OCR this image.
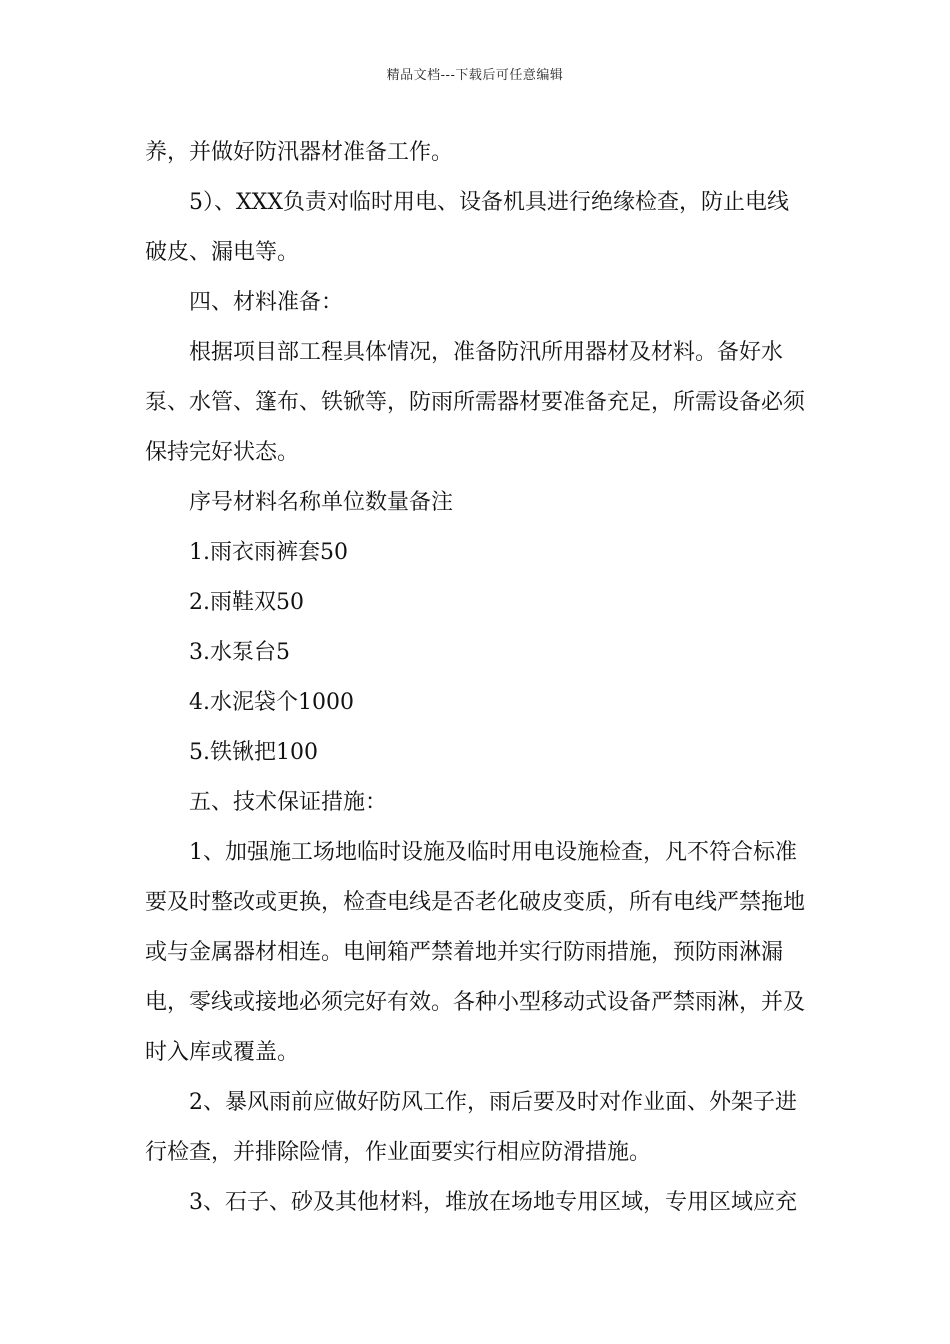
精品文档---下载后可任意编辑

养，并做好防汛器材准备工作。

5）、XXX负责对临时用电、设备机具进行绝缘检查，防止电线破皮、漏电等。

四、材料准备：

根据项目部工程具体情况，准备防汛所用器材及材料。备好水泵、水管、篷布、铁锨等，防雨所需器材要准备充足，所需设备必须保持完好状态。

序号材料名称单位数量备注

1.雨衣雨裤套50

2.雨鞋双50

3.水泵台5

4.水泥袋个1000

5.铁锹把100

五、技术保证措施：

1、加强施工场地临时设施及临时用电设施检查，凡不符合标准要及时整改或更换，检查电线是否老化破皮变质，所有电线严禁拖地或与金属器材相连。电闸箱严禁着地并实行防雨措施，预防雨淋漏电，零线或接地必须完好有效。各种小型移动式设备严禁雨淋，并及时入库或覆盖。

2、暴风雨前应做好防风工作，雨后要及时对作业面、外架子进行检查，并排除险情，作业面要实行相应防滑措施。

3、石子、砂及其他材料，堆放在场地专用区域，专用区域应充
